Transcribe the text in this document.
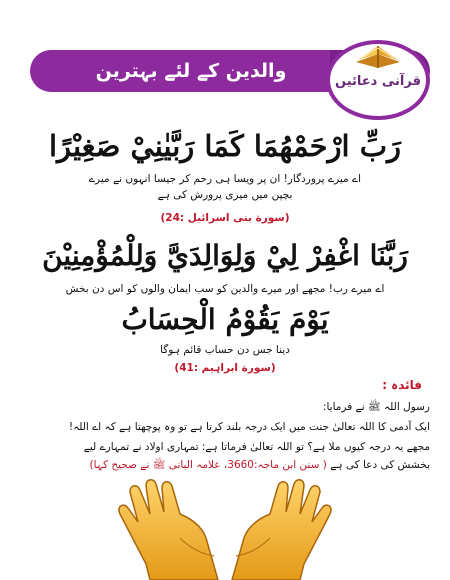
والدین کے لئے بہترین دعائیں
قرآنی دعائیں
رَبِّ ارْحَمْهُمَا كَمَا رَبَّيٰنِيْ صَغِيْرًا
اے میرے پروردگار! ان پر ویسا ہی رحم کر جیسا انہوں نے میرے
بچپن میں میری پرورش کی ہے
(سورة بنی اسرائیل :24)
رَبَّنَا اغْفِرْ لِيْ وَلِوَالِدَيَّ وَلِلْمُؤْمِنِيْنَ
اے میرے رب! مجھے اور میرے والدین کو سب ایمان والوں کو اس دن بخش
يَوْمَ يَقُوْمُ الْحِسَابُ
دینا جس دن حساب قائم ہوگا
(سورة ابراہیم :41)
فائدہ :
رسول اللہ ﷺ نے فرمایا:
ایک آدمی کا اللہ تعالیٰ جنت میں ایک درجہ بلند کرتا ہے تو وہ پوچھتا ہے کہ اے اللہ!
مجھے یہ درجہ کیوں ملا ہے؟ تو اللہ تعالیٰ فرماتا ہے: تمہاری اولاد نے تمہارے لیے
بخشش کی دعا کی ہے ( سنن ابن ماجہ:3660، علامہ البانی ﷺ نے صحیح کہا)
